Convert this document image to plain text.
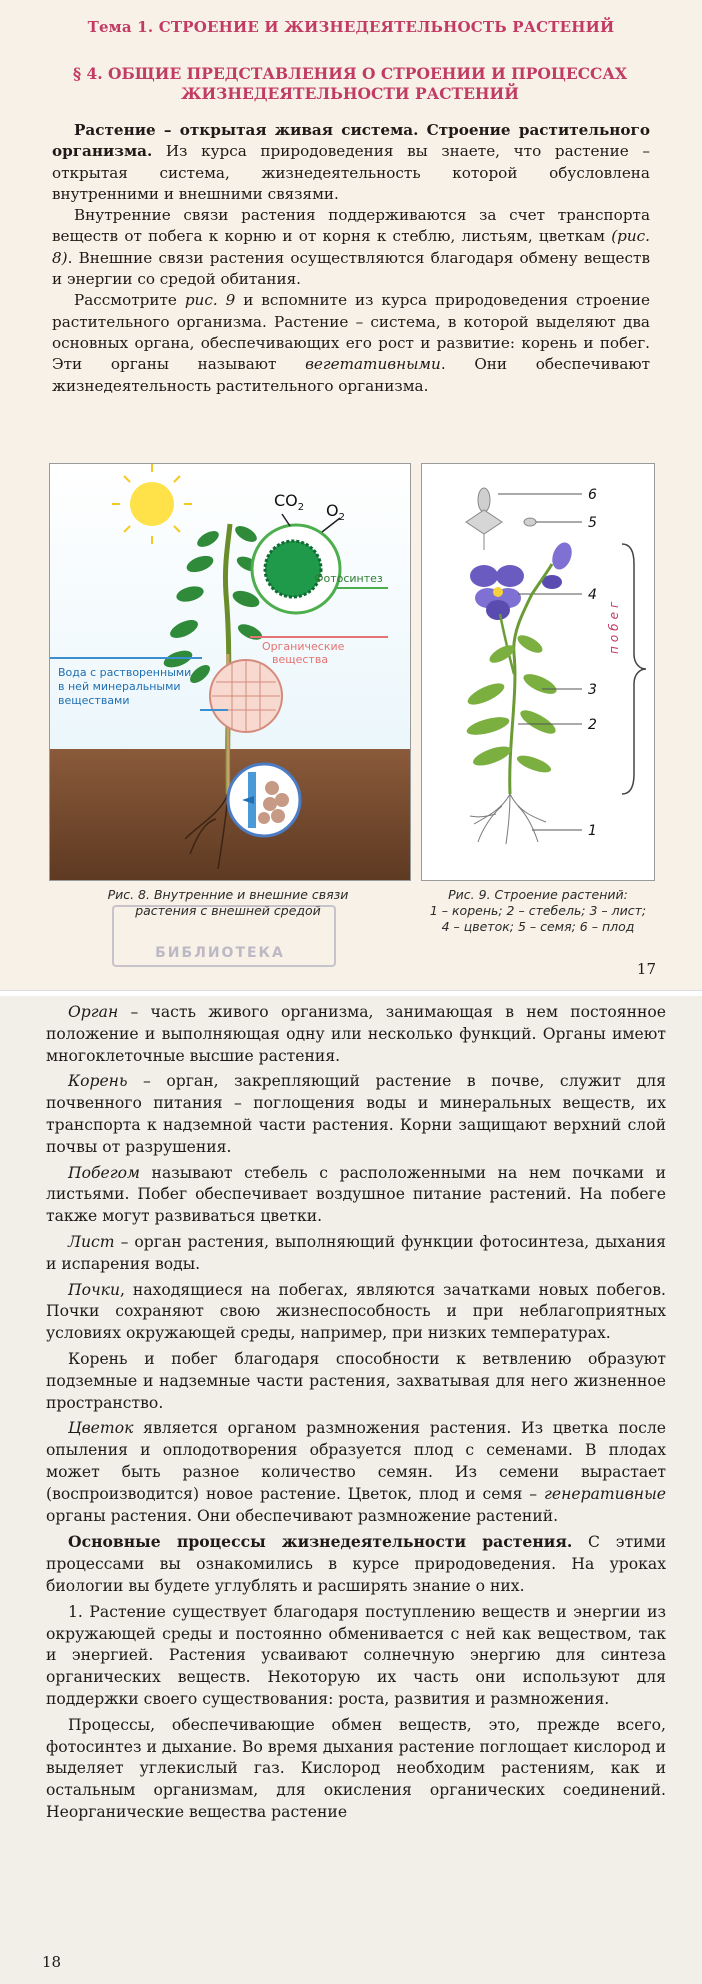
Тема 1. СТРОЕНИЕ И ЖИЗНЕДЕЯТЕЛЬНОСТЬ РАСТЕНИЙ
§ 4. ОБЩИЕ ПРЕДСТАВЛЕНИЯ О СТРОЕНИИ И ПРОЦЕССАХ
ЖИЗНЕДЕЯТЕЛЬНОСТИ РАСТЕНИЙ

Растение – открытая живая система. Строение растительного организма. Из курса природоведения вы знаете, что растение – открытая система, жизнедеятельность которой обусловлена внутренними и внешними связями.

Внутренние связи растения поддерживаются за счет транспорта веществ от побега к корню и от корня к стеблю, листьям, цветкам (рис. 8). Внешние связи растения осуществляются благодаря обмену веществ и энергии со средой обитания.

Рассмотрите рис. 9 и вспомните из курса природоведения строение растительного организма. Растение – система, в которой выделяют два основных органа, обеспечивающих его рост и развитие: корень и побег. Эти органы называют вегетативными. Они обеспечивают жизнедеятельность растительного организма.

$CO_2$ $O_2$
Фотосинтез
Органические
вещества
Вода с растворенными
в ней минеральными
веществами
6
5
4
3
2
1
побег
Рис. 8. Внутренние и внешние связи
растения с внешней средой
Рис. 9. Строение растений:
1 – корень; 2 – стебель; 3 – лист;
4 – цветок; 5 – семя; 6 – плод
БИБЛИОТЕКА
17

Орган – часть живого организма, занимающая в нем постоянное положение и выполняющая одну или несколько функций. Органы имеют многоклеточные высшие растения.

Корень – орган, закрепляющий растение в почве, служит для почвенного питания – поглощения воды и минеральных веществ, их транспорта к надземной части растения. Корни защищают верхний слой почвы от разрушения.

Побегом называют стебель с расположенными на нем почками и листьями. Побег обеспечивает воздушное питание растений. На побеге также могут развиваться цветки.

Лист – орган растения, выполняющий функции фотосинтеза, дыхания и испарения воды.

Почки, находящиеся на побегах, являются зачатками новых побегов. Почки сохраняют свою жизнеспособность и при неблагоприятных условиях окружающей среды, например, при низких температурах.

Корень и побег благодаря способности к ветвлению образуют подземные и надземные части растения, захватывая для него жизненное пространство.

Цветок является органом размножения растения. Из цветка после опыления и оплодотворения образуется плод с семенами. В плодах может быть разное количество семян. Из семени вырастает (воспроизводится) новое растение. Цветок, плод и семя – генеративные органы растения. Они обеспечивают размножение растений.

Основные процессы жизнедеятельности растения. С этими процессами вы ознакомились в курсе природоведения. На уроках биологии вы будете углублять и расширять знание о них.

1. Растение существует благодаря поступлению веществ и энергии из окружающей среды и постоянно обменивается с ней как веществом, так и энергией. Растения усваивают солнечную энергию для синтеза органических веществ. Некоторую их часть они используют для поддержки своего существования: роста, развития и размножения.

Процессы, обеспечивающие обмен веществ, это, прежде всего, фотосинтез и дыхание. Во время дыхания растение поглощает кислород и выделяет углекислый газ. Кислород необходим растениям, как и остальным организмам, для окисления органических соединений. Неорганические вещества растение

18
